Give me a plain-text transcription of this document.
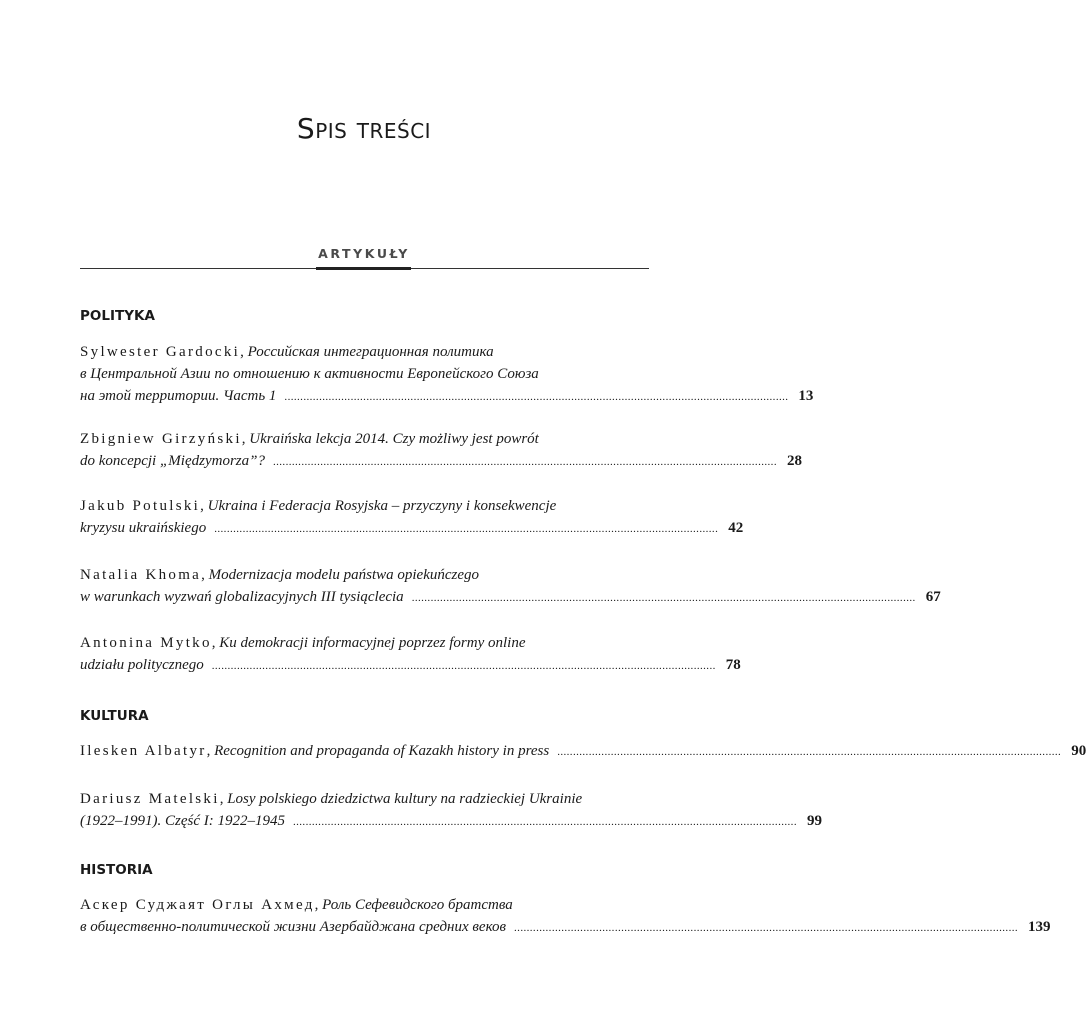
Spis treści
ARTYKUŁY
POLITYKA
Sylwester Gardocki, Российская интеграционная политика
в Центральной Азии по отношению к активности Европейского Союза
на этой территории. Часть 1 ................................................................................................................................................................ 13
Zbigniew Girzyński, Ukraińska lekcja 2014. Czy możliwy jest powrót
do koncepcji „Międzymorza”? ................................................................................................................................................................ 28
Jakub Potulski, Ukraina i Federacja Rosyjska – przyczyny i konsekwencje
kryzysu ukraińskiego ................................................................................................................................................................ 42
Natalia Khoma, Modernizacja modelu państwa opiekuńczego
w warunkach wyzwań globalizacyjnych III tysiąclecia ................................................................................................................................................................ 67
Antonina Mytko, Ku demokracji informacyjnej poprzez formy online
udziału politycznego ................................................................................................................................................................ 78
KULTURA
Ilesken Albatyr, Recognition and propaganda of Kazakh history in press ................................................................................................................................................................ 90
Dariusz Matelski, Losy polskiego dziedzictwa kultury na radzieckiej Ukrainie
(1922–1991). Część I: 1922–1945 ................................................................................................................................................................ 99
HISTORIA
Аскер Суджаят Оглы Ахмед, Роль Сефевидского братства
в общественно-политической жизни Азербайджана средних веков ................................................................................................................................................................ 139
